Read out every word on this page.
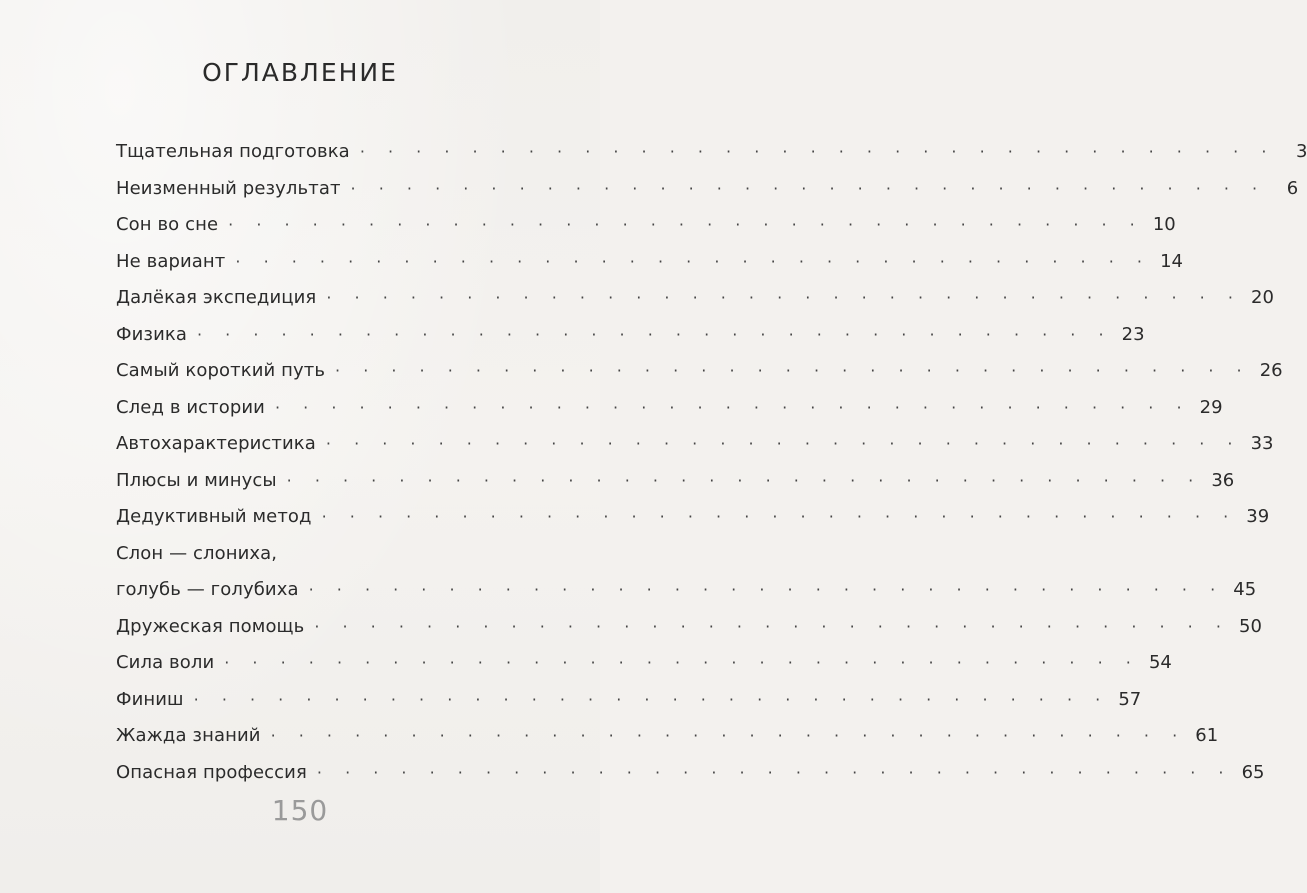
ОГЛАВЛЕНИЕ
Тщательная подготовка · · · · · · · · · · · · · · · · · · · · · · · · · · · · · · · · ·	3
Неизменный результат · · · · · · · · · · · · · · · · · · · · · · · · · · · · · · · · ·	6
Сон во сне · · · · · · · · · · · · · · · · · · · · · · · · · · · · · · · · · 10
Не вариант · · · · · · · · · · · · · · · · · · · · · · · · · · · · · · · · · 14
Далёкая экспедиция · · · · · · · · · · · · · · · · · · · · · · · · · · · · · · · · · 20
Физика · · · · · · · · · · · · · · · · · · · · · · · · · · · · · · · · · 23
Самый короткий путь · · · · · · · · · · · · · · · · · · · · · · · · · · · · · · · · · 26
След в истории · · · · · · · · · · · · · · · · · · · · · · · · · · · · · · · · · 29
Автохарактеристика · · · · · · · · · · · · · · · · · · · · · · · · · · · · · · · · · 33
Плюсы и минусы · · · · · · · · · · · · · · · · · · · · · · · · · · · · · · · · · 36
Дедуктивный метод · · · · · · · · · · · · · · · · · · · · · · · · · · · · · · · · · 39
Слон — слониха,
голубь — голубиха · · · · · · · · · · · · · · · · · · · · · · · · · · · · · · · · · 45
Дружеская помощь · · · · · · · · · · · · · · · · · · · · · · · · · · · · · · · · · 50
Сила воли · · · · · · · · · · · · · · · · · · · · · · · · · · · · · · · · · 54
Финиш · · · · · · · · · · · · · · · · · · · · · · · · · · · · · · · · · 57
Жажда знаний · · · · · · · · · · · · · · · · · · · · · · · · · · · · · · · · · 61
Опасная профессия · · · · · · · · · · · · · · · · · · · · · · · · · · · · · · · · · 65
150
